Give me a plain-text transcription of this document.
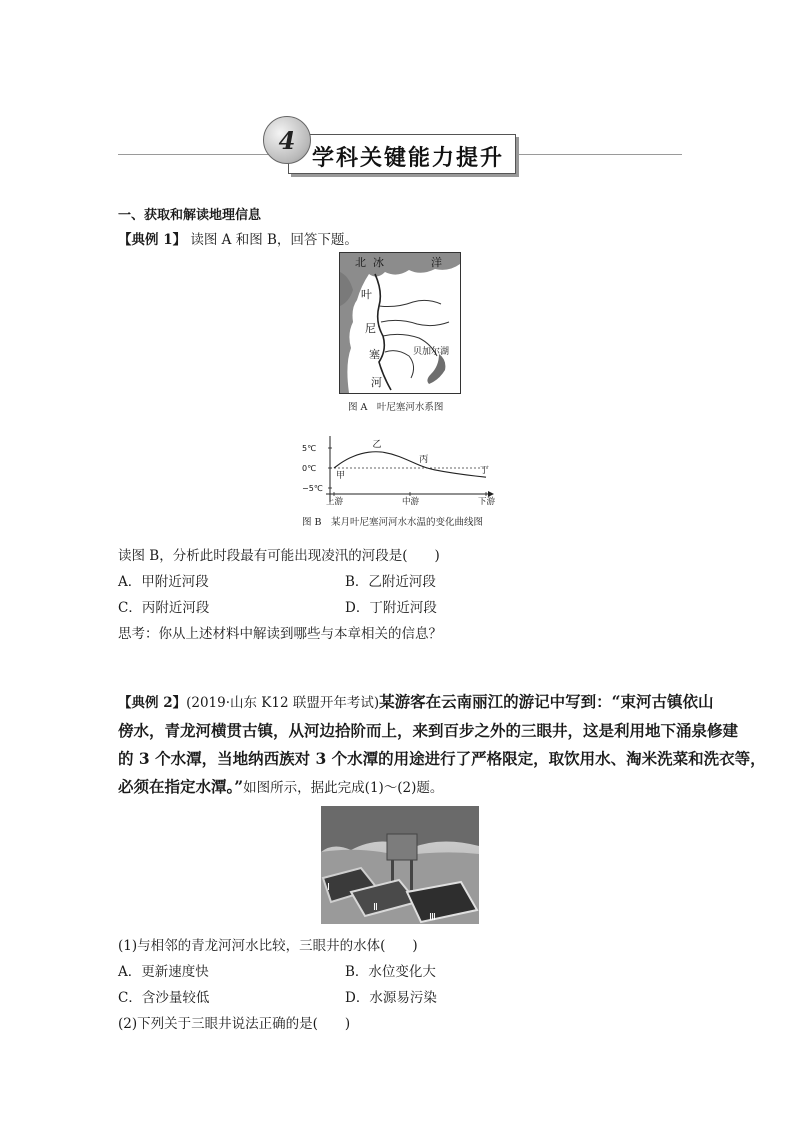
4
学科关键能力提升
一、获取和解读地理信息
【典例 1】 读图 A 和图 B，回答下题。
北 冰	洋
叶
尼
塞
河
贝加尔湖
图 A　叶尼塞河水系图
5℃
0℃
−5℃
上游	中游	下游
甲
乙
丙
丁
图 B　某月叶尼塞河河水水温的变化曲线图
读图 B，分析此时段最有可能出现凌汛的河段是(　　)
A．甲附近河段	B．乙附近河段
C．丙附近河段	D．丁附近河段
思考：你从上述材料中解读到哪些与本章相关的信息？
【典例 2】(2019·山东 K12 联盟开年考试)某游客在云南丽江的游记中写到：“束河古镇依山
傍水，青龙河横贯古镇，从河边拾阶而上，来到百步之外的三眼井，这是利用地下涌泉修建
的 3 个水潭，当地纳西族对 3 个水潭的用途进行了严格限定，取饮用水、淘米洗菜和洗衣等，
必须在指定水潭。”如图所示，据此完成(1)～(2)题。
Ⅰ
Ⅱ
Ⅲ
(1)与相邻的青龙河河水比较，三眼井的水体(　　)
A．更新速度快	B．水位变化大
C．含沙量较低	D．水源易污染
(2)下列关于三眼井说法正确的是(　　)
